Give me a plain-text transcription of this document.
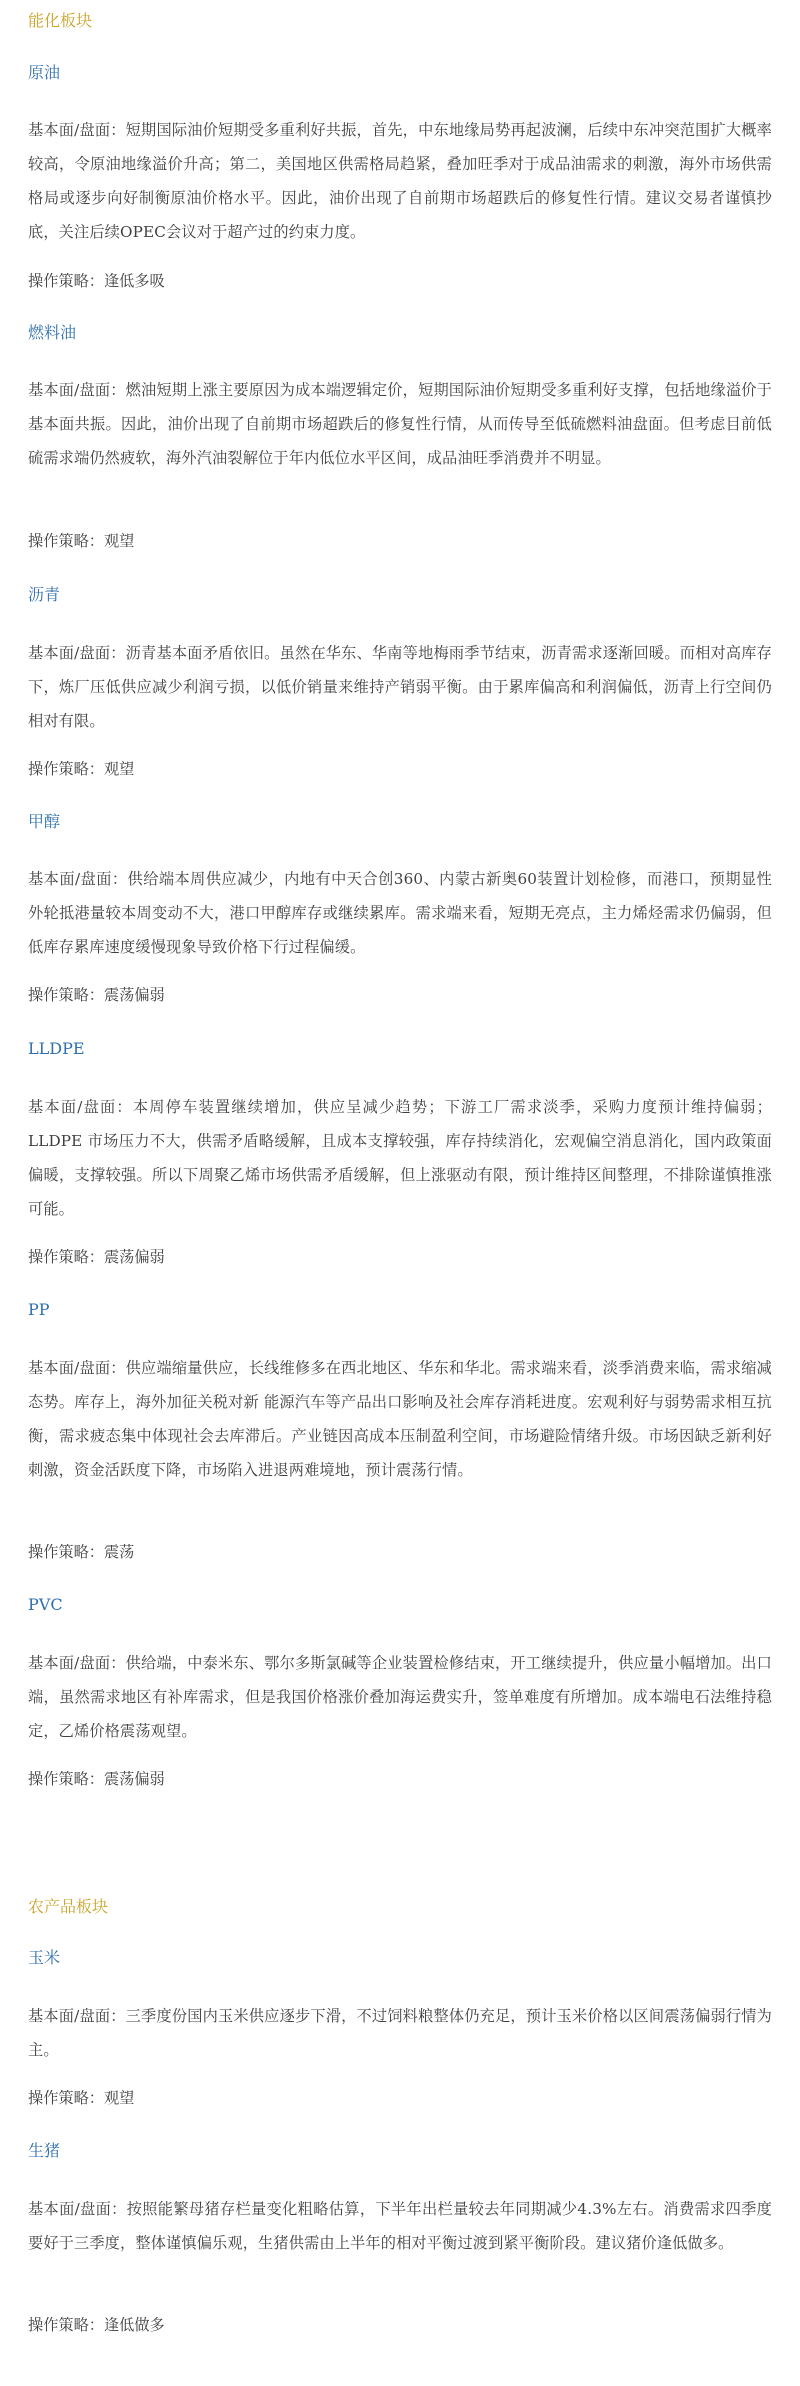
能化板块
原油

基本面/盘面：短期国际油价短期受多重利好共振，首先，中东地缘局势再起波澜，后续中东冲突范围扩大概率较高，令原油地缘溢价升高；第二，美国地区供需格局趋紧，叠加旺季对于成品油需求的刺激，海外市场供需格局或逐步向好制衡原油价格水平。因此，油价出现了自前期市场超跌后的修复性行情。建议交易者谨慎抄底，关注后续OPEC会议对于超产过的约束力度。

操作策略：逢低多吸

燃料油

基本面/盘面：燃油短期上涨主要原因为成本端逻辑定价，短期国际油价短期受多重利好支撑，包括地缘溢价于基本面共振。因此，油价出现了自前期市场超跌后的修复性行情，从而传导至低硫燃料油盘面。但考虑目前低硫需求端仍然疲软，海外汽油裂解位于年内低位水平区间，成品油旺季消费并不明显。

操作策略：观望

沥青

基本面/盘面：沥青基本面矛盾依旧。虽然在华东、华南等地梅雨季节结束，沥青需求逐渐回暖。而相对高库存下，炼厂压低供应减少利润亏损，以低价销量来维持产销弱平衡。由于累库偏高和利润偏低，沥青上行空间仍相对有限。

操作策略：观望

甲醇

基本面/盘面：供给端本周供应减少，内地有中天合创360、内蒙古新奥60装置计划检修，而港口，预期显性外轮抵港量较本周变动不大，港口甲醇库存或继续累库。需求端来看，短期无亮点，主力烯烃需求仍偏弱，但低库存累库速度缓慢现象导致价格下行过程偏缓。

操作策略：震荡偏弱

LLDPE

基本面/盘面：本周停车装置继续增加，供应呈减少趋势；下游工厂需求淡季，采购力度预计维持偏弱；LLDPE 市场压力不大，供需矛盾略缓解，且成本支撑较强，库存持续消化，宏观偏空消息消化，国内政策面偏暖，支撑较强。所以下周聚乙烯市场供需矛盾缓解，但上涨驱动有限，预计维持区间整理，不排除谨慎推涨可能。

操作策略：震荡偏弱

PP

基本面/盘面：供应端缩量供应，长线维修多在西北地区、华东和华北。需求端来看，淡季消费来临，需求缩减态势。库存上，海外加征关税对新 能源汽车等产品出口影响及社会库存消耗进度。宏观利好与弱势需求相互抗衡，需求疲态集中体现社会去库滞后。产业链因高成本压制盈利空间，市场避险情绪升级。市场因缺乏新利好刺激，资金活跃度下降，市场陷入进退两难境地，预计震荡行情。

操作策略：震荡

PVC

基本面/盘面：供给端，中泰米东、鄂尔多斯氯碱等企业装置检修结束，开工继续提升，供应量小幅增加。出口端，虽然需求地区有补库需求，但是我国价格涨价叠加海运费实升，签单难度有所增加。成本端电石法维持稳定，乙烯价格震荡观望。

操作策略：震荡偏弱

农产品板块
玉米

基本面/盘面：三季度份国内玉米供应逐步下滑，不过饲料粮整体仍充足，预计玉米价格以区间震荡偏弱行情为主。

操作策略：观望

生猪

基本面/盘面：按照能繁母猪存栏量变化粗略估算，下半年出栏量较去年同期减少4.3%左右。消费需求四季度要好于三季度，整体谨慎偏乐观，生猪供需由上半年的相对平衡过渡到紧平衡阶段。建议猪价逢低做多。

操作策略：逢低做多
